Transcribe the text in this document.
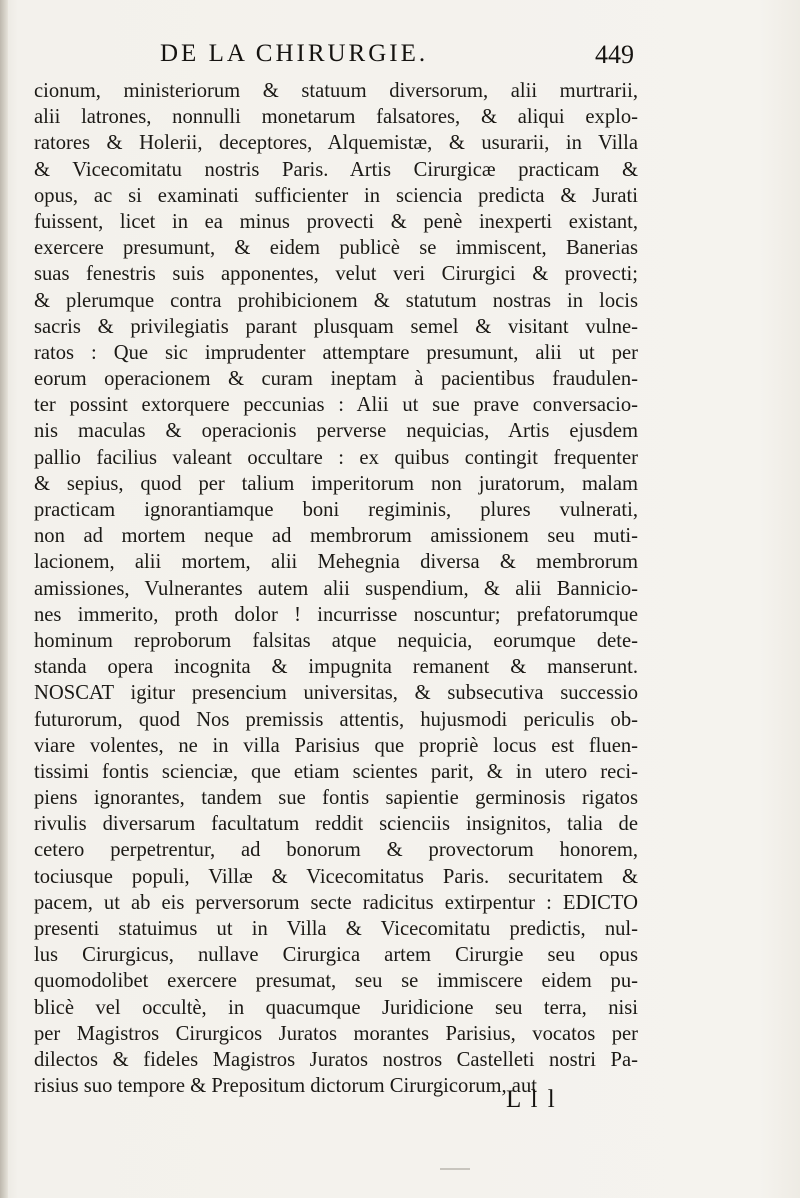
DE LA CHIRURGIE.	449
cionum, ministeriorum & statuum diversorum, alii murtrarii,
alii latrones, nonnulli monetarum falsatores, & aliqui explo-
ratores & Holerii, deceptores, Alquemistæ, & usurarii, in Villa
& Vicecomitatu nostris Paris. Artis Cirurgicæ practicam &
opus, ac si examinati sufficienter in sciencia predicta & Jurati
fuissent, licet in ea minus provecti & penè inexperti existant,
exercere presumunt, & eidem publicè se immiscent, Banerias
suas fenestris suis apponentes, velut veri Cirurgici & provecti;
& plerumque contra prohibicionem & statutum nostras in locis
sacris & privilegiatis parant plusquam semel & visitant vulne-
ratos : Que sic imprudenter attemptare presumunt, alii ut per
eorum operacionem & curam ineptam à pacientibus fraudulen-
ter possint extorquere peccunias : Alii ut sue prave conversacio-
nis maculas & operacionis perverse nequicias, Artis ejusdem
pallio facilius valeant occultare : ex quibus contingit frequenter
& sepius, quod per talium imperitorum non juratorum, malam
practicam ignorantiamque boni regiminis, plures vulnerati,
non ad mortem neque ad membrorum amissionem seu muti-
lacionem, alii mortem, alii Mehegnia diversa & membrorum
amissiones, Vulnerantes autem alii suspendium, & alii Bannicio-
nes immerito, proth dolor ! incurrisse noscuntur; prefatorumque
hominum reproborum falsitas atque nequicia, eorumque dete-
standa opera incognita & impugnita remanent & manserunt.
NOSCAT igitur presencium universitas, & subsecutiva successio
futurorum, quod Nos premissis attentis, hujusmodi periculis ob-
viare volentes, ne in villa Parisius que propriè locus est fluen-
tissimi fontis scienciæ, que etiam scientes parit, & in utero reci-
piens ignorantes, tandem sue fontis sapientie germinosis rigatos
rivulis diversarum facultatum reddit scienciis insignitos, talia de
cetero perpetrentur, ad bonorum & provectorum honorem,
tociusque populi, Villæ & Vicecomitatus Paris. securitatem &
pacem, ut ab eis perversorum secte radicitus extirpentur : EDICTO
presenti statuimus ut in Villa & Vicecomitatu predictis, nul-
lus Cirurgicus, nullave Cirurgica artem Cirurgie seu opus
quomodolibet exercere presumat, seu se immiscere eidem pu-
blicè vel occultè, in quacumque Juridicione seu terra, nisi
per Magistros Cirurgicos Juratos morantes Parisius, vocatos per
dilectos & fideles Magistros Juratos nostros Castelleti nostri Pa-
risius suo tempore & Prepositum dictorum Cirurgicorum, aut
L l l
